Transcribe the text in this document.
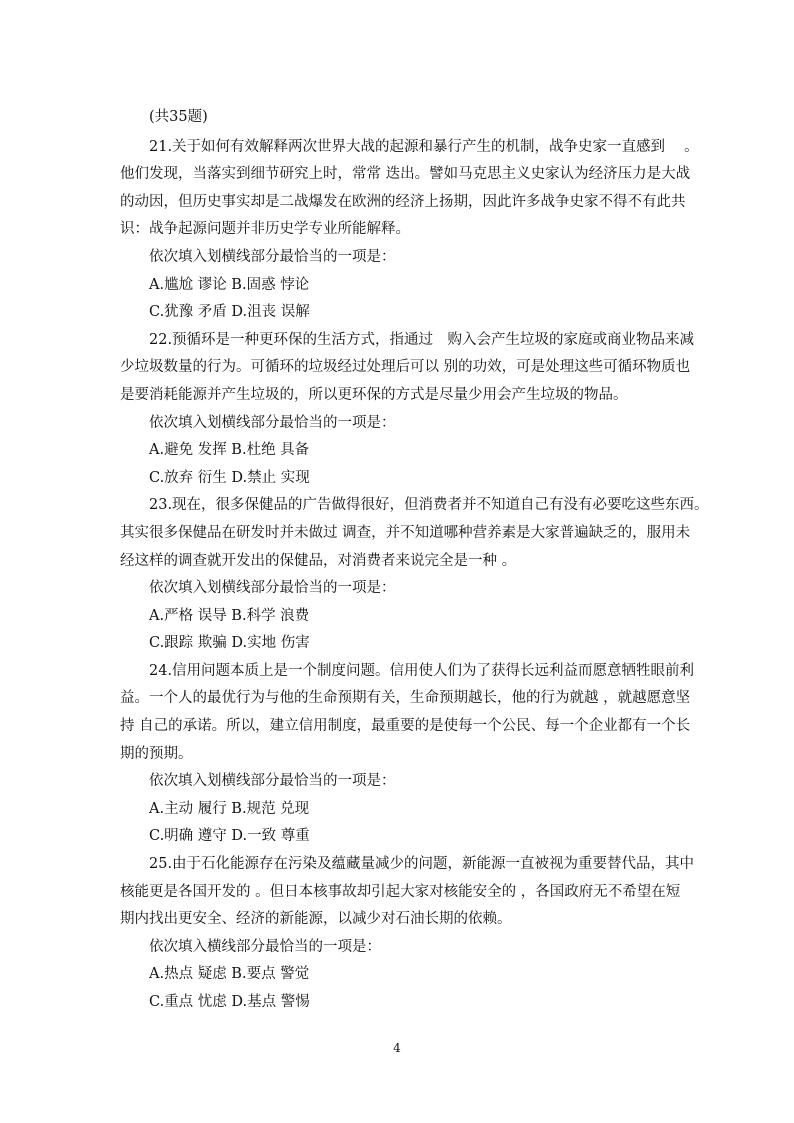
(共35题)
21.关于如何有效解释两次世界大战的起源和暴行产生的机制，战争史家一直感到　 。
他们发现，当落实到细节研究上时，常常 迭出。譬如马克思主义史家认为经济压力是大战
的动因，但历史事实却是二战爆发在欧洲的经济上扬期，因此许多战争史家不得不有此共
识：战争起源问题并非历史学专业所能解释。
依次填入划横线部分最恰当的一项是：
A.尴尬 谬论 B.固惑 悖论
C.犹豫 矛盾 D.沮丧 误解
22.预循环是一种更环保的生活方式，指通过　购入会产生垃圾的家庭或商业物品来减
少垃圾数量的行为。可循环的垃圾经过处理后可以 别的功效，可是处理这些可循环物质也
是要消耗能源并产生垃圾的，所以更环保的方式是尽量少用会产生垃圾的物品。
依次填入划横线部分最恰当的一项是：
A.避免 发挥 B.杜绝 具备
C.放弃 衍生 D.禁止 实现
23.现在，很多保健品的广告做得很好，但消费者并不知道自己有没有必要吃这些东西。
其实很多保健品在研发时并未做过 调查，并不知道哪种营养素是大家普遍缺乏的，服用未
经这样的调查就开发出的保健品，对消费者来说完全是一种 。
依次填入划横线部分最恰当的一项是：
A.严格 误导 B.科学 浪费
C.跟踪 欺骗 D.实地 伤害
24.信用问题本质上是一个制度问题。信用使人们为了获得长远利益而愿意牺牲眼前利
益。一个人的最优行为与他的生命预期有关，生命预期越长，他的行为就越 ，就越愿意坚
持 自己的承诺。所以，建立信用制度，最重要的是使每一个公民、每一个企业都有一个长
期的预期。
依次填入划横线部分最恰当的一项是：
A.主动 履行 B.规范 兑现
C.明确 遵守 D.一致 尊重
25.由于石化能源存在污染及蕴藏量减少的问题，新能源一直被视为重要替代品，其中
核能更是各国开发的 。但日本核事故却引起大家对核能安全的 ，各国政府无不希望在短
期内找出更安全、经济的新能源，以减少对石油长期的依赖。
依次填入横线部分最恰当的一项是：
A.热点 疑虑 B.要点 警觉
C.重点 忧虑 D.基点 警惕
4
